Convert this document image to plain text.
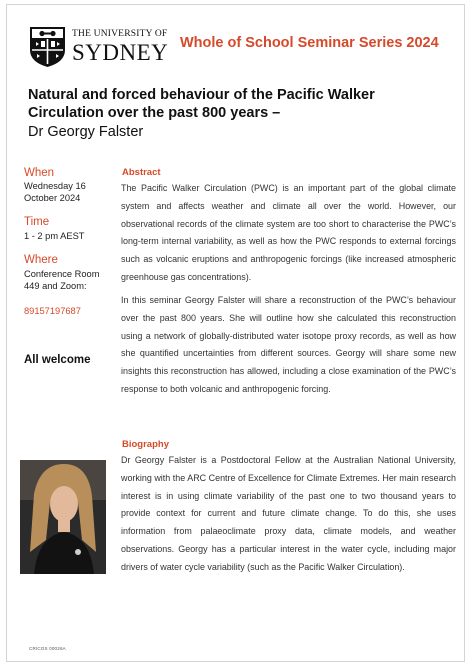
THE UNIVERSITY OF
SYDNEY Whole of School Seminar Series 2024
Natural and forced behaviour of the Pacific Walker Circulation over the past 800 years –
Dr Georgy Falster
When
Wednesday 16 October 2024
Time
1 - 2 pm AEST
Where
Conference Room 449 and Zoom:
89157197687
All welcome
Abstract
The Pacific Walker Circulation (PWC) is an important part of the global climate system and affects weather and climate all over the world. However, our observational records of the climate system are too short to characterise the PWC’s long-term internal variability, as well as how the PWC responds to external forcings such as volcanic eruptions and anthropogenic forcings (like increased atmospheric greenhouse gas concentrations).
In this seminar Georgy Falster will share a reconstruction of the PWC’s behaviour over the past 800 years. She will outline how she calculated this reconstruction using a network of globally-distributed water isotope proxy records, as well as how she quantified uncertainties from different sources. Georgy will share some new insights this reconstruction has allowed, including a close examination of the PWC’s response to both volcanic and anthropogenic forcing.
Biography
Dr Georgy Falster is a Postdoctoral Fellow at the Australian National University, working with the ARC Centre of Excellence for Climate Extremes. Her main research interest is in using climate variability of the past one to two thousand years to provide context for current and future climate change. To do this, she uses information from palaeoclimate proxy data, climate models, and weather observations. Georgy has a particular interest in the water cycle, including major drivers of water cycle variability (such as the Pacific Walker Circulation).
CRICOS 00026A
